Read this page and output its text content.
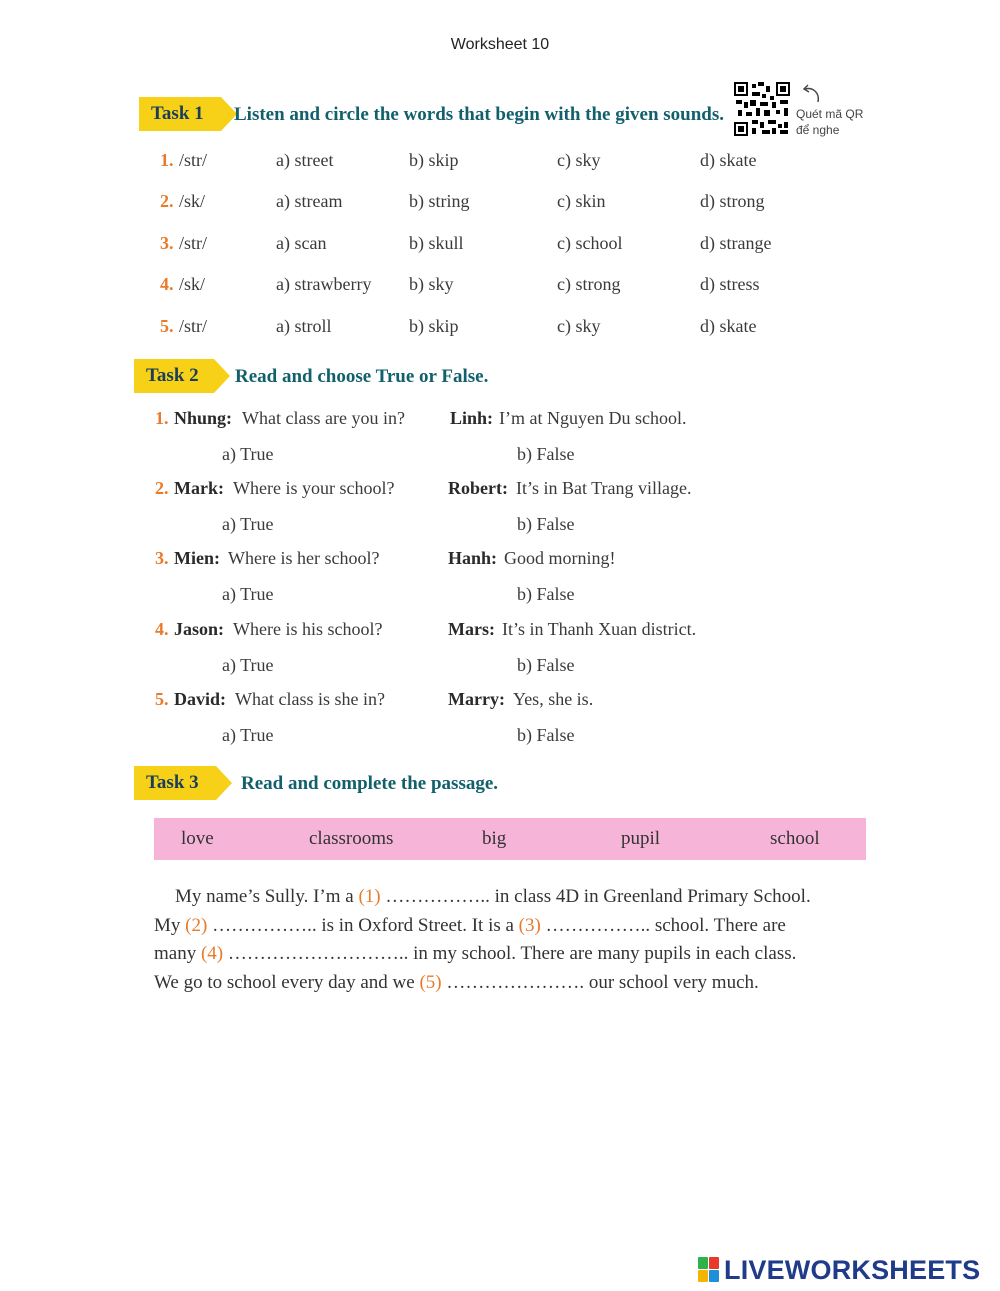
Worksheet 10
Task 1	Listen and circle the words that begin with the given sounds.	Quét mã QR
để nghe
1. /str/	a) street	b) skip	c) sky	d) skate
2. /sk/	a) stream	b) string	c) skin	d) strong
3. /str/	a) scan	b) skull	c) school	d) strange
4. /sk/	a) strawberry b) sky	c) strong	d) stress
5. /str/	a) stroll	b) skip	c) sky	d) skate
Task 2	Read and choose True or False.
1. Nhung: What class are you in?	Linh: I’m at Nguyen Du school.
a) True	b) False
2. Mark: Where is your school?	Robert: It’s in Bat Trang village.
a) True	b) False
3. Mien: Where is her school?	Hanh: Good morning!
a) True	b) False
4. Jason: Where is his school?	Mars: It’s in Thanh Xuan district.
a) True	b) False
5. David: What class is she in?	Marry: Yes, she is.
a) True	b) False
Task 3	Read and complete the passage.
love	classrooms	big	pupil	school
My name’s Sully. I’m a (1) …………….. in class 4D in Greenland Primary School.
My (2) …………….. is in Oxford Street. It is a (3) …………….. school. There are
many (4) ……………………….. in my school. There are many pupils in each class.
We go to school every day and we (5) …………………. our school very much.
LIVEWORKSHEETS
